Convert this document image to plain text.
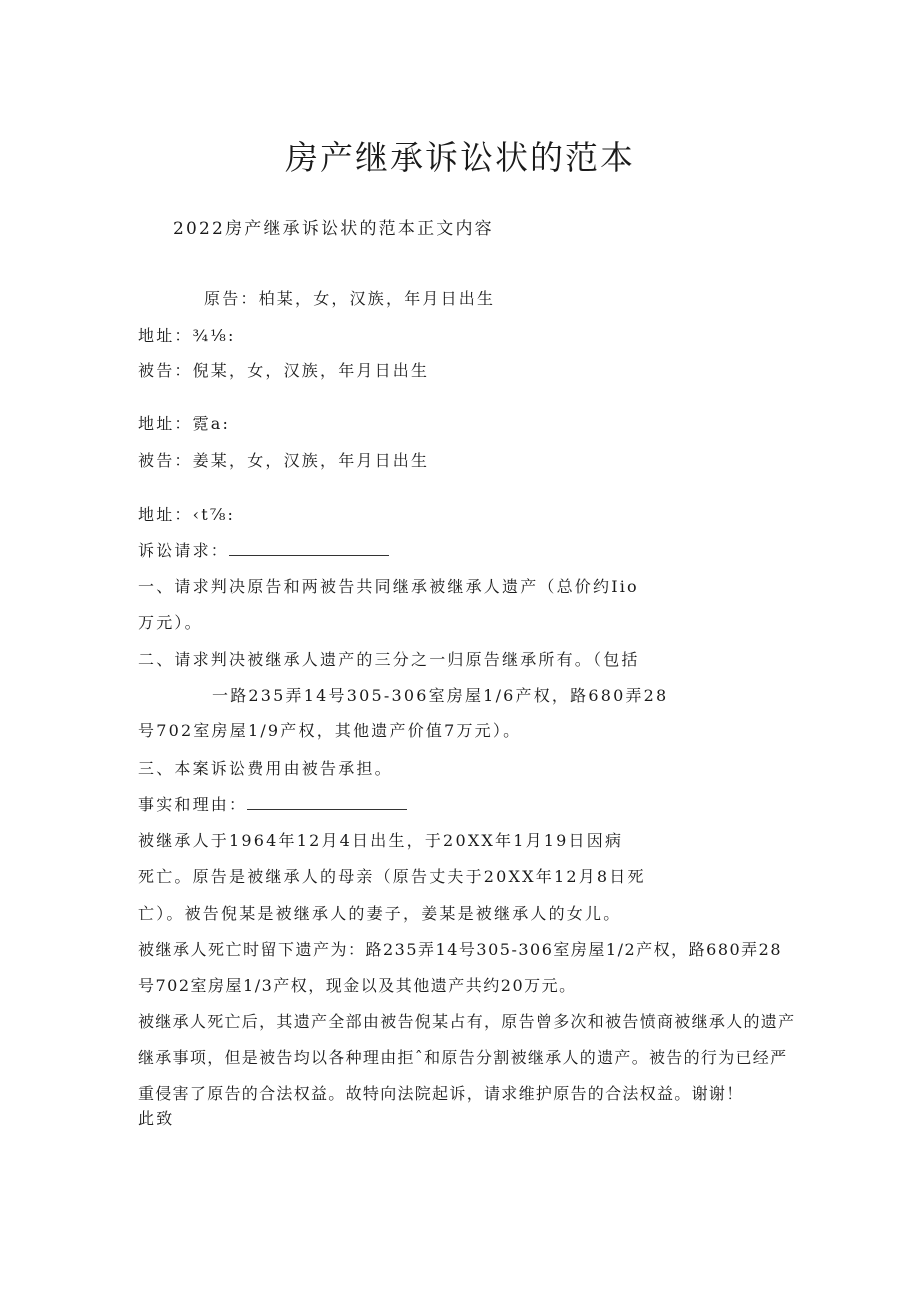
房产继承诉讼状的范本
2022房产继承诉讼状的范本正文内容
原告：柏某，女，汉族，年月日出生
地址：¾⅛:
被告：倪某，女，汉族，年月日出生
地址：霓a:
被告：姜某，女，汉族，年月日出生
地址：‹t⅞:
诉讼请求：
一、请求判决原告和两被告共同继承被继承人遗产（总价约Iio
万元）。
二、请求判决被继承人遗产的三分之一归原告继承所有。（包括
一路235弄14号305-306室房屋1/6产权，路680弄28
号702室房屋1/9产权，其他遗产价值7万元）。
三、本案诉讼费用由被告承担。
事实和理由：
被继承人于1964年12月4日出生，于20XX年1月19日因病
死亡。原告是被继承人的母亲（原告丈夫于20XX年12月8日死
亡）。被告倪某是被继承人的妻子，姜某是被继承人的女儿。
被继承人死亡时留下遗产为：路235弄14号305-306室房屋1/2产权，路680弄28
号702室房屋1/3产权，现金以及其他遗产共约20万元。
被继承人死亡后，其遗产全部由被告倪某占有，原告曾多次和被告愤商被继承人的遗产
继承事项，但是被告均以各种理由拒ˆ和原告分割被继承人的遗产。被告的行为已经严
重侵害了原告的合法权益。故特向法院起诉，请求维护原告的合法权益。谢谢！
此致
